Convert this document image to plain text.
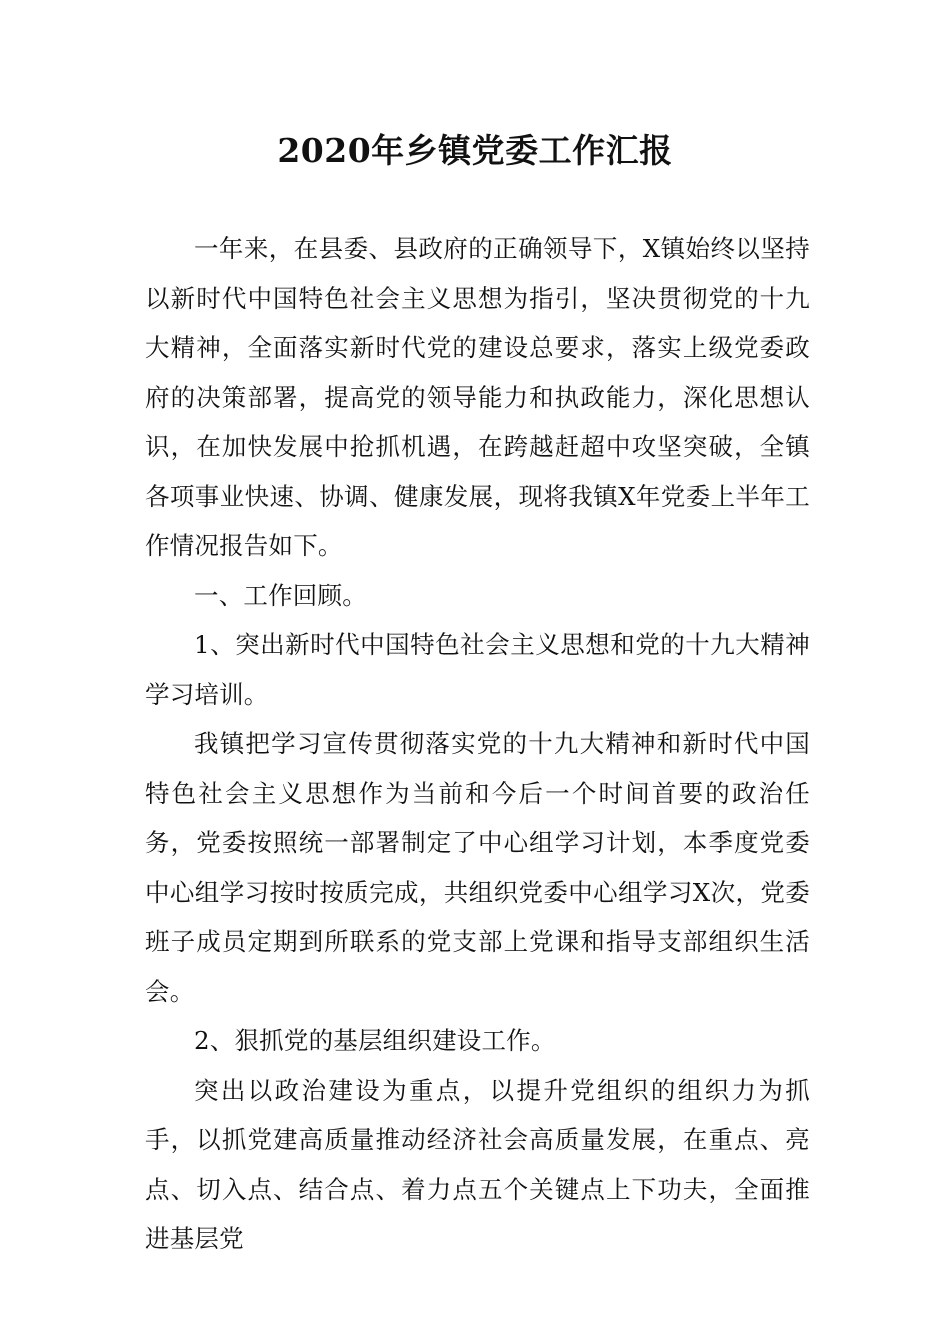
2020年乡镇党委工作汇报

一年来，在县委、县政府的正确领导下，X镇始终以坚持以新时代中国特色社会主义思想为指引，坚决贯彻党的十九大精神，全面落实新时代党的建设总要求，落实上级党委政府的决策部署，提高党的领导能力和执政能力，深化思想认识，在加快发展中抢抓机遇，在跨越赶超中攻坚突破，全镇各项事业快速、协调、健康发展，现将我镇X年党委上半年工作情况报告如下。

一、工作回顾。

1、突出新时代中国特色社会主义思想和党的十九大精神学习培训。

我镇把学习宣传贯彻落实党的十九大精神和新时代中国特色社会主义思想作为当前和今后一个时间首要的政治任务，党委按照统一部署制定了中心组学习计划，本季度党委中心组学习按时按质完成，共组织党委中心组学习X次，党委班子成员定期到所联系的党支部上党课和指导支部组织生活会。

2、狠抓党的基层组织建设工作。

突出以政治建设为重点，以提升党组织的组织力为抓手，以抓党建高质量推动经济社会高质量发展，在重点、亮点、切入点、结合点、着力点五个关键点上下功夫，全面推进基层党
